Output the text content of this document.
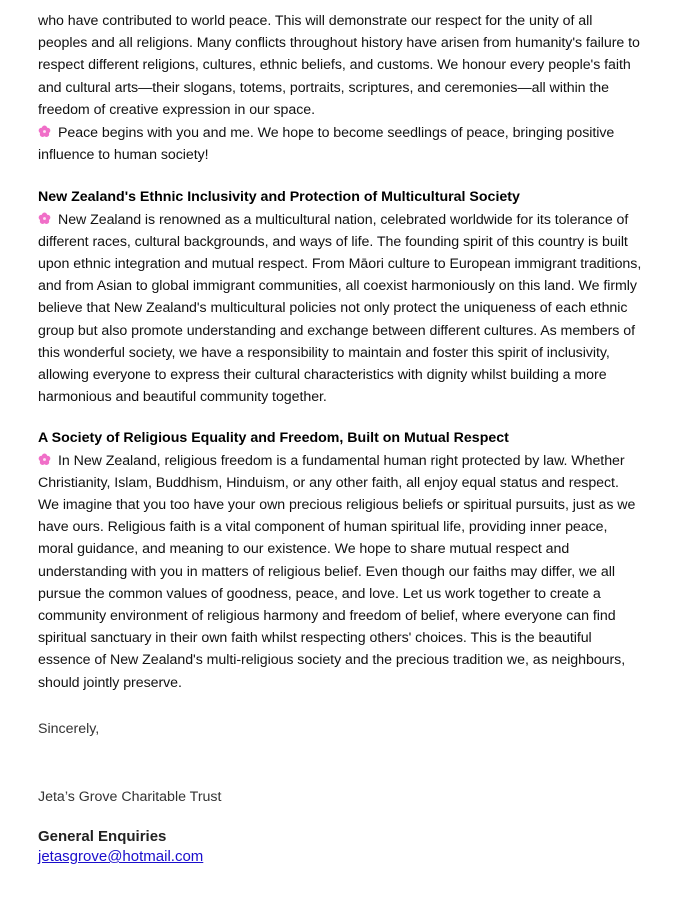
who have contributed to world peace. This will demonstrate our respect for the unity of all peoples and all religions. Many conflicts throughout history have arisen from humanity's failure to respect different religions, cultures, ethnic beliefs, and customs. We honour every people's faith and cultural arts—their slogans, totems, portraits, scriptures, and ceremonies—all within the freedom of creative expression in our space.

Peace begins with you and me. We hope to become seedlings of peace, bringing positive influence to human society!

New Zealand's Ethnic Inclusivity and Protection of Multicultural Society

New Zealand is renowned as a multicultural nation, celebrated worldwide for its tolerance of different races, cultural backgrounds, and ways of life. The founding spirit of this country is built upon ethnic integration and mutual respect. From Māori culture to European immigrant traditions, and from Asian to global immigrant communities, all coexist harmoniously on this land. We firmly believe that New Zealand's multicultural policies not only protect the uniqueness of each ethnic group but also promote understanding and exchange between different cultures. As members of this wonderful society, we have a responsibility to maintain and foster this spirit of inclusivity, allowing everyone to express their cultural characteristics with dignity whilst building a more harmonious and beautiful community together.

A Society of Religious Equality and Freedom, Built on Mutual Respect

In New Zealand, religious freedom is a fundamental human right protected by law. Whether Christianity, Islam, Buddhism, Hinduism, or any other faith, all enjoy equal status and respect. We imagine that you too have your own precious religious beliefs or spiritual pursuits, just as we have ours. Religious faith is a vital component of human spiritual life, providing inner peace, moral guidance, and meaning to our existence. We hope to share mutual respect and understanding with you in matters of religious belief. Even though our faiths may differ, we all pursue the common values of goodness, peace, and love. Let us work together to create a community environment of religious harmony and freedom of belief, where everyone can find spiritual sanctuary in their own faith whilst respecting others' choices. This is the beautiful essence of New Zealand's multi-religious society and the precious tradition we, as neighbours, should jointly preserve.

Sincerely,

Jeta’s Grove Charitable Trust

General Enquiries

jetasgrove@hotmail.com
